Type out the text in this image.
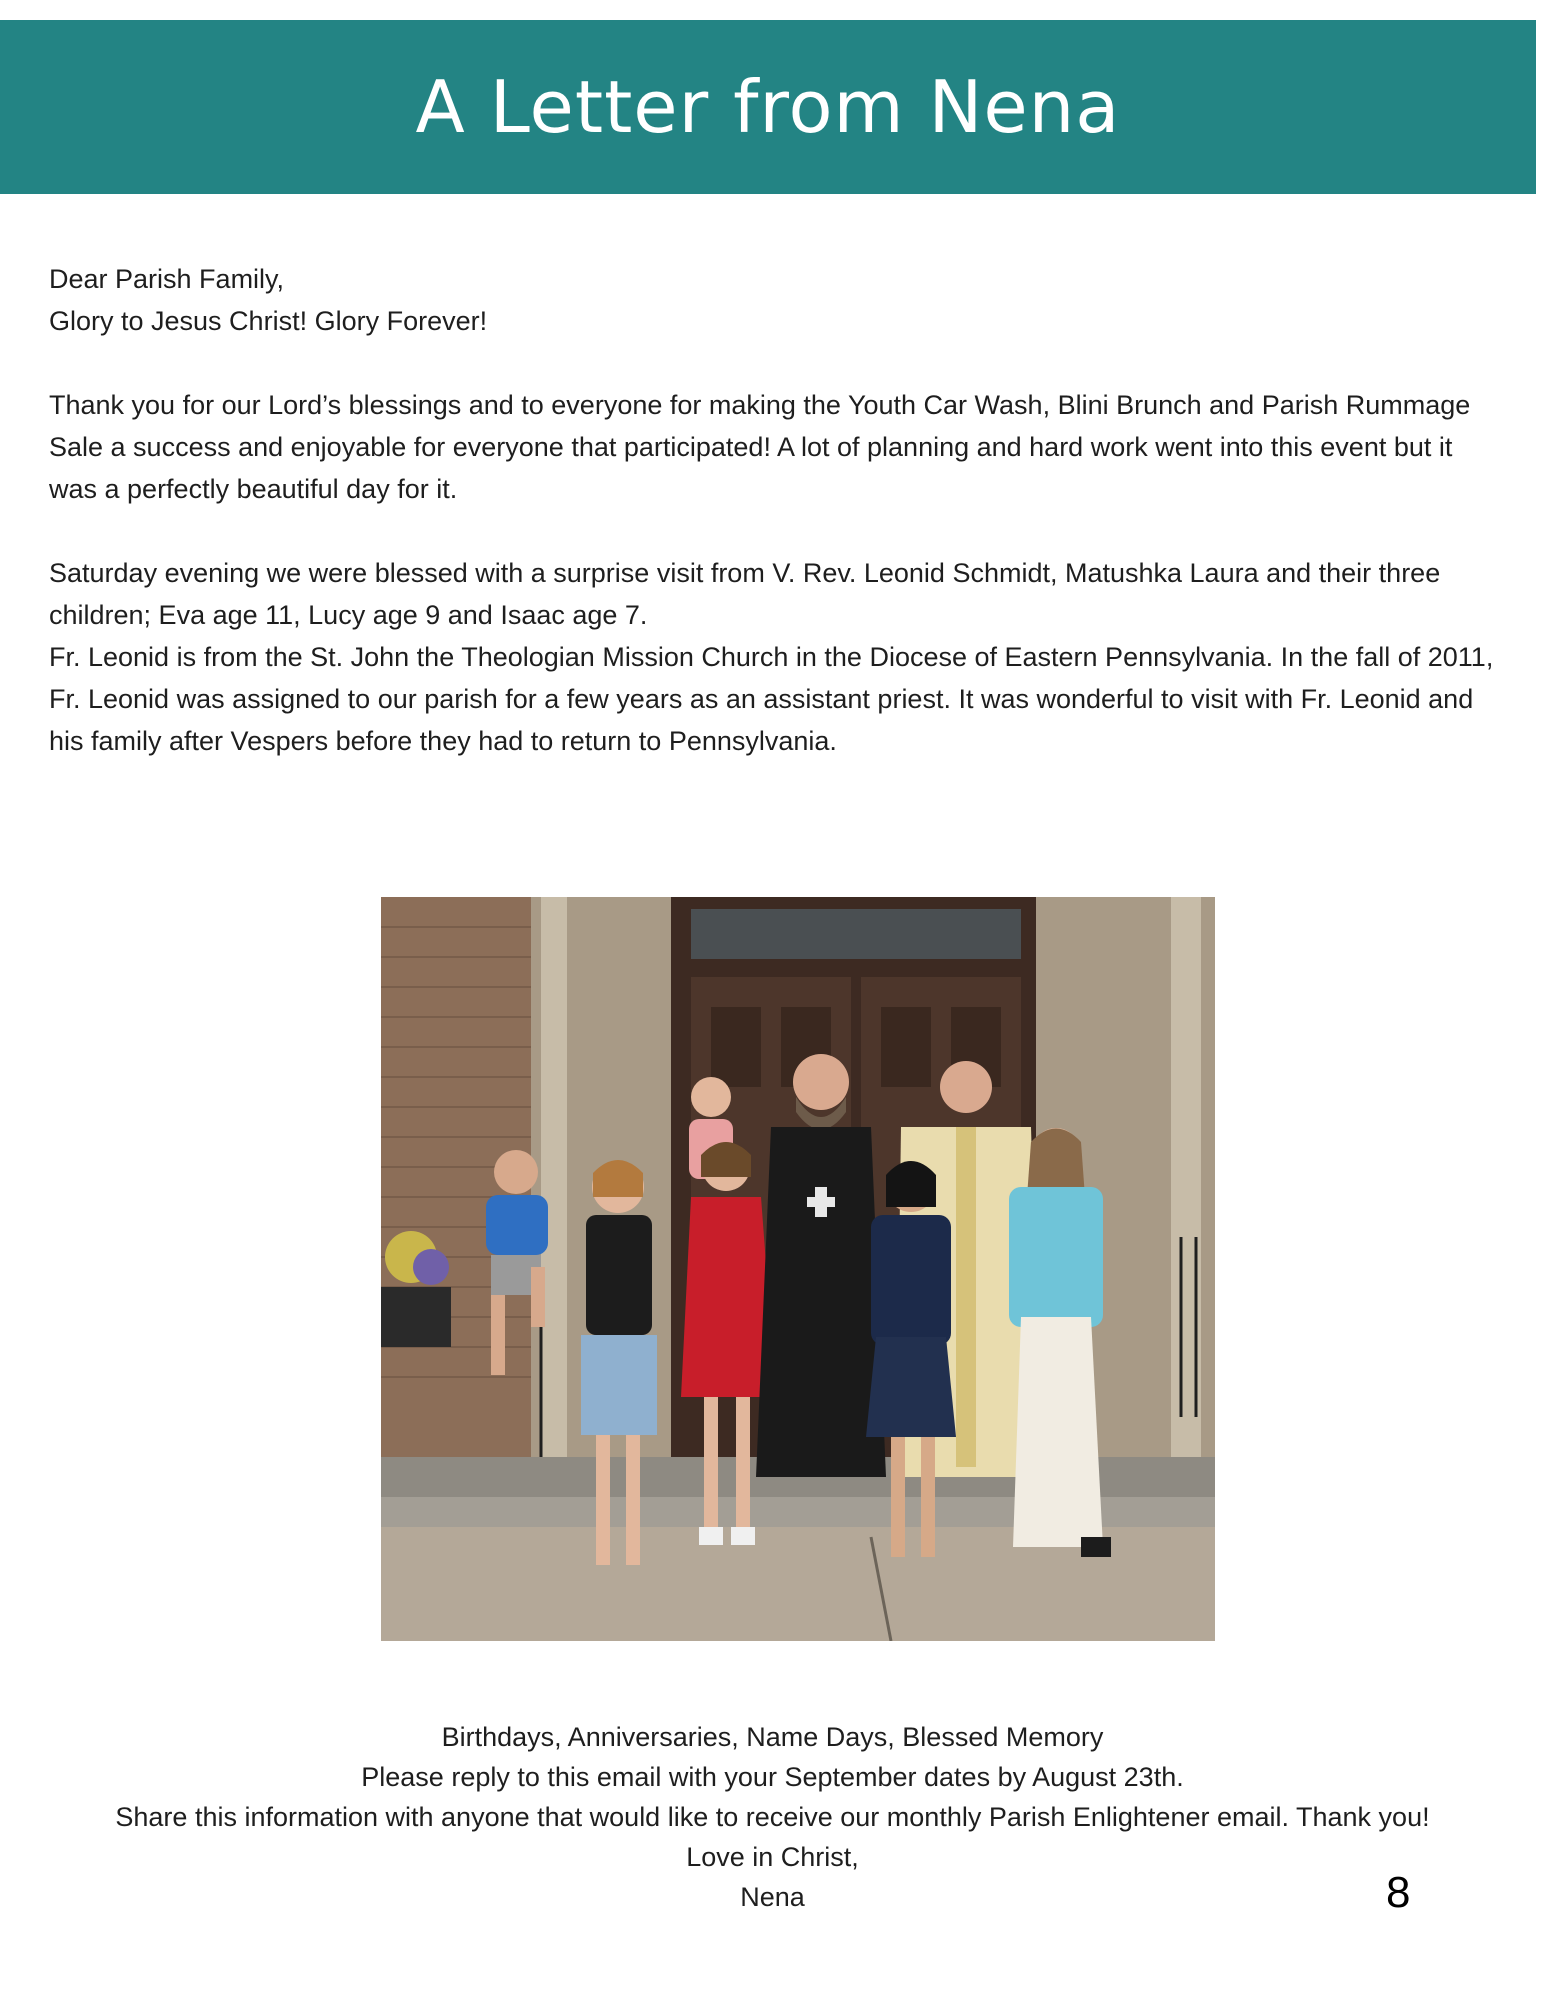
A Letter from Nena

Dear Parish Family,

Glory to Jesus Christ! Glory Forever!

Thank you for our Lord’s blessings and to everyone for making the Youth Car Wash, Blini Brunch and Parish Rummage Sale a success and enjoyable for everyone that participated! A lot of planning and hard work went into this event but it was a perfectly beautiful day for it.

Saturday evening we were blessed with a surprise visit from V. Rev. Leonid Schmidt, Matushka Laura and their three children; Eva age 11, Lucy age 9 and Isaac age 7.

Fr. Leonid is from the St. John the Theologian Mission Church in the Diocese of Eastern Pennsylvania. In the fall of 2011, Fr. Leonid was assigned to our parish for a few years as an assistant priest. It was wonderful to visit with Fr. Leonid and his family after Vespers before they had to return to Pennsylvania.

Birthdays, Anniversaries, Name Days, Blessed Memory

Please reply to this email with your September dates by August 23th.

Share this information with anyone that would like to receive our monthly Parish Enlightener email. Thank you!

Love in Christ,

Nena	8
